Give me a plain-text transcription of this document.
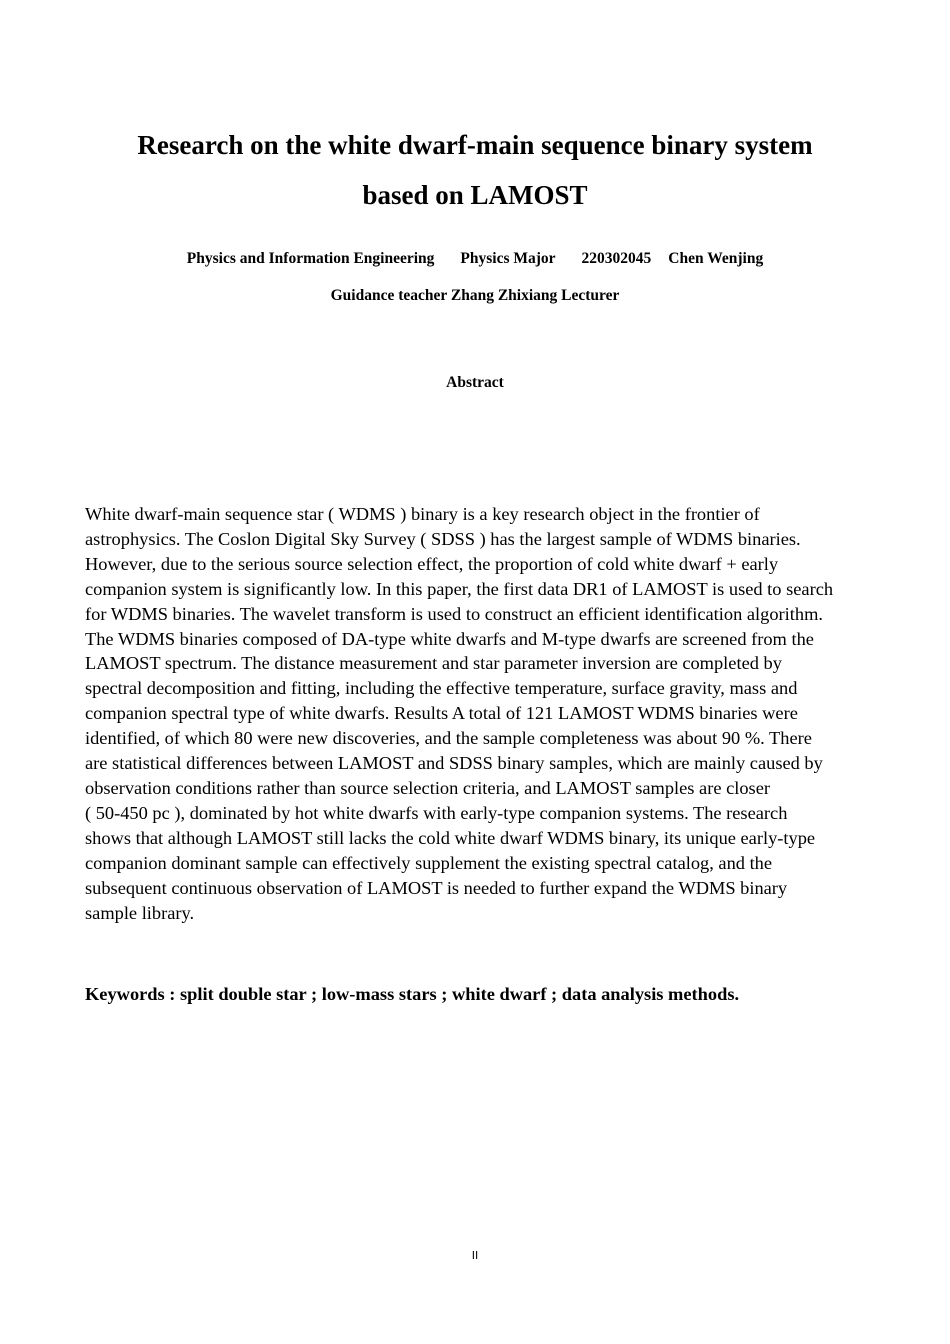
Research on the white dwarf-main sequence binary system
based on LAMOST
Physics and Information Engineering Physics Major 220302045 Chen Wenjing
Guidance teacher Zhang Zhixiang Lecturer
Abstract
White dwarf-main sequence star ( WDMS ) binary is a key research object in the frontier of
astrophysics. The Coslon Digital Sky Survey ( SDSS ) has the largest sample of WDMS binaries.
However, due to the serious source selection effect, the proportion of cold white dwarf + early
companion system is significantly low. In this paper, the first data DR1 of LAMOST is used to search
for WDMS binaries. The wavelet transform is used to construct an efficient identification algorithm.
The WDMS binaries composed of DA-type white dwarfs and M-type dwarfs are screened from the
LAMOST spectrum. The distance measurement and star parameter inversion are completed by
spectral decomposition and fitting, including the effective temperature, surface gravity, mass and
companion spectral type of white dwarfs. Results A total of 121 LAMOST WDMS binaries were
identified, of which 80 were new discoveries, and the sample completeness was about 90 %. There
are statistical differences between LAMOST and SDSS binary samples, which are mainly caused by
observation conditions rather than source selection criteria, and LAMOST samples are closer
( 50-450 pc ), dominated by hot white dwarfs with early-type companion systems. The research
shows that although LAMOST still lacks the cold white dwarf WDMS binary, its unique early-type
companion dominant sample can effectively supplement the existing spectral catalog, and the
subsequent continuous observation of LAMOST is needed to further expand the WDMS binary
sample library.
Keywords : split double star ; low-mass stars ; white dwarf ; data analysis methods.
II
